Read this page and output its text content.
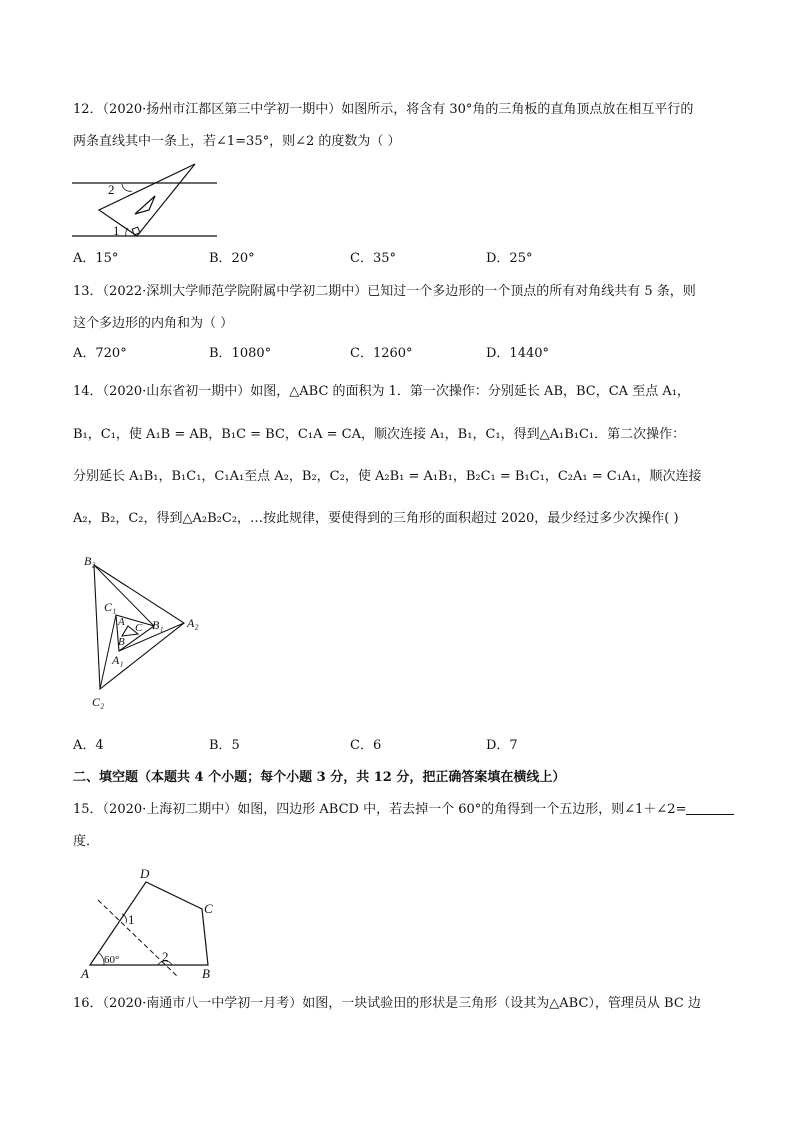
12．（2020·扬州市江都区第三中学初一期中）如图所示，将含有 30°角的三角板的直角顶点放在相互平行的
两条直线其中一条上，若∠1=35°，则∠2 的度数为（ ）
2
1
A．15°	B．20°	C．35°	D．25°
13．（2022·深圳大学师范学院附属中学初二期中）已知过一个多边形的一个顶点的所有对角线共有 5 条，则
这个多边形的内角和为（ ）
A．720°	B．1080°	C．1260°	D．1440°
14．（2020·山东省初一期中）如图，△ABC 的面积为 1．第一次操作：分别延长 AB，BC，CA 至点 A₁，
B₁，C₁，使 A₁B = AB，B₁C = BC，C₁A = CA，顺次连接 A₁，B₁，C₁，得到△A₁B₁C₁．第二次操作：
分别延长 A₁B₁，B₁C₁，C₁A₁至点 A₂，B₂，C₂，使 A₂B₁ = A₁B₁，B₂C₁ = B₁C₁，C₂A₁ = C₁A₁，顺次连接
A₂，B₂，C₂，得到△A₂B₂C₂，…按此规律，要使得到的三角形的面积超过 2020，最少经过多少次操作( )
B₂
C₁
A C B₁ A₂
B
A₁
C₂
A．4	B．5	C．6	D．7
二、填空题（本题共 4 个小题；每个小题 3 分，共 12 分，把正确答案填在横线上）
15．（2020·上海初二期中）如图，四边形 ABCD 中，若去掉一个 60°的角得到一个五边形，则∠1＋∠2=
度．
D
C
1
2
60°
A	B
16．（2020·南通市八一中学初一月考）如图，一块试验田的形状是三角形（设其为△ABC），管理员从 BC 边
